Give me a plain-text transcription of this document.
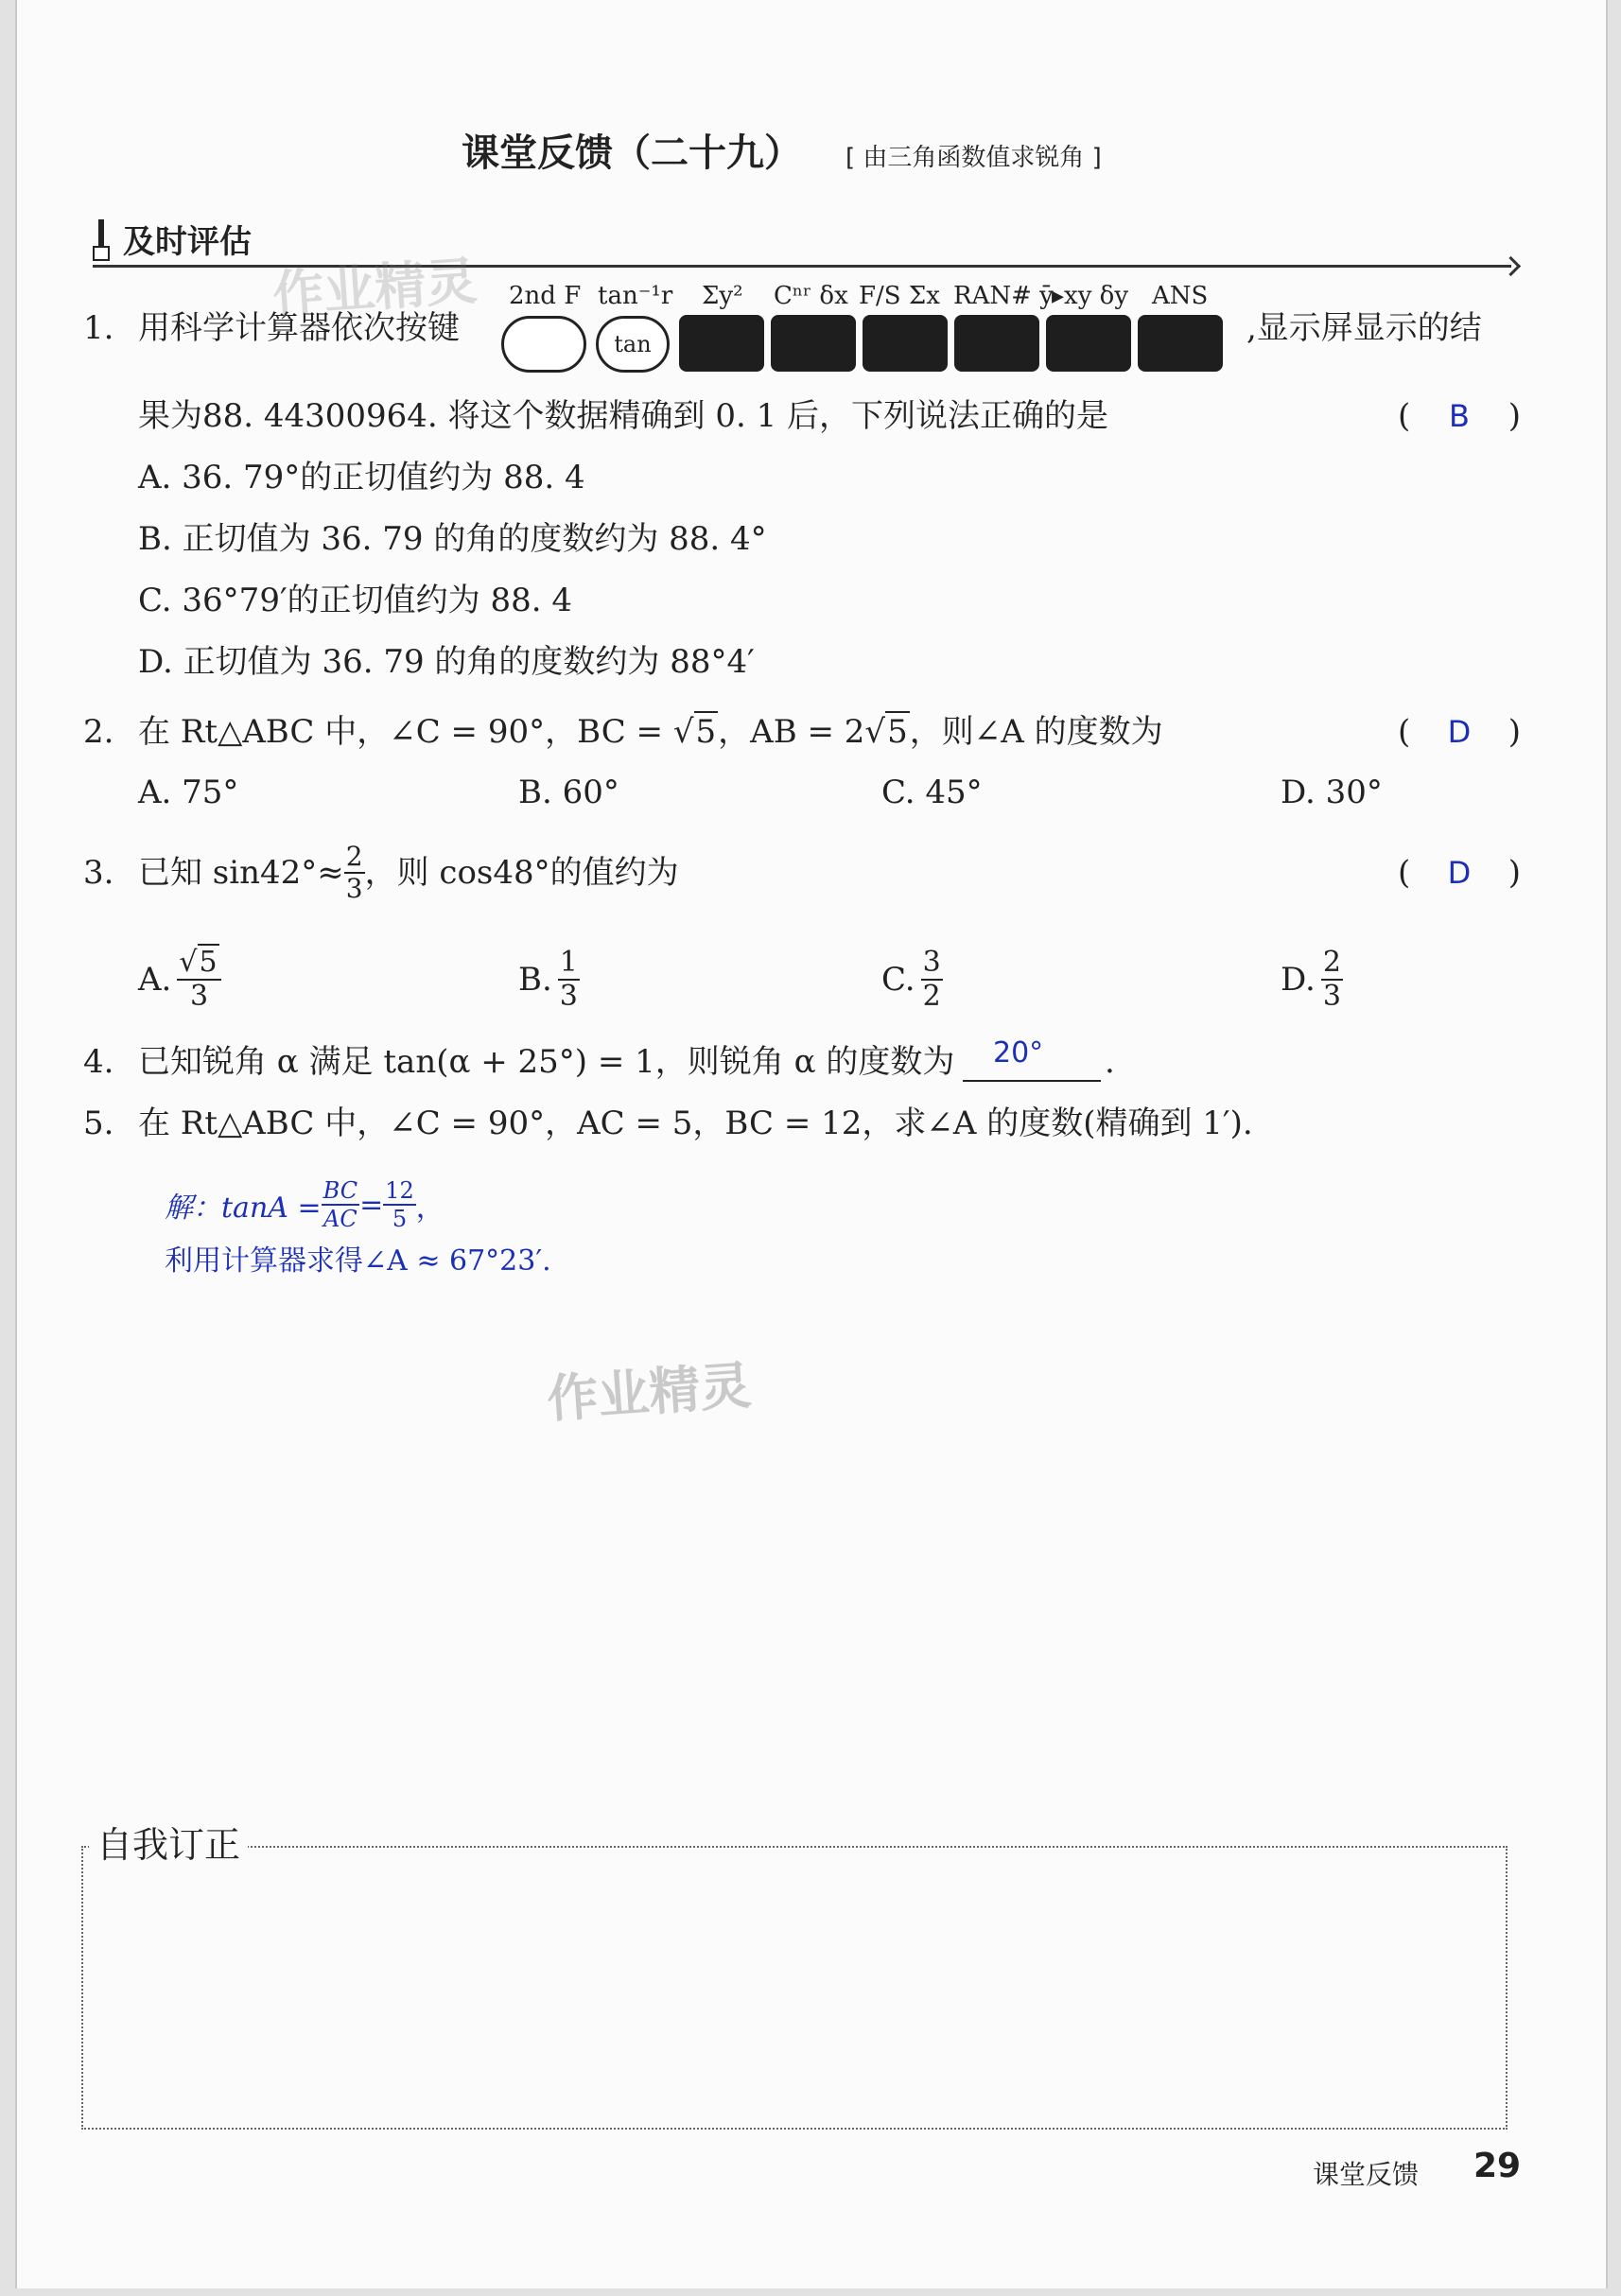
课堂反馈（二十九） [ 由三角函数值求锐角 ]
及时评估
1. 用科学计算器依次按键
2nd F tan⁻¹r Σy² Cⁿʳ δx F/S Σx RAN# ȳ
▸xy δy ANS
tan	,显示屏显示的结
果为88. 44300964. 将这个数据精确到 0. 1 后，下列说法正确的是	( B )
A. 36. 79°的正切值约为 88. 4
B. 正切值为 36. 79 的角的度数约为 88. 4°
C. 36°79′的正切值约为 88. 4
D. 正切值为 36. 79 的角的度数约为 88°4′
2. 在 Rt△ABC 中，∠C = 90°，BC = √5，AB = 2√5，则∠A 的度数为	( D )
A. 75°	B. 60°	C. 45°	D. 30°
3. 已知 $\sin 42^\circ\approx \frac{2}{3}$ ，则 cos48°的值约为	( D )
A. $\frac{√5}{3}$	B. $\frac{1}{3}$	C. $\frac{3}{2}$	D. $\frac{2}{3}$
4. 已知锐角 α 满足 tan(α + 25°) = 1，则锐角 α 的度数为 20° .
5. 在 Rt△ABC 中，∠C = 90°，AC = 5，BC = 12，求∠A 的度数(精确到 1′).
解：$\tan A = \frac{BC}{AC} = \frac{12}{5}$ ，
利用计算器求得∠A ≈ 67°23′.
作业精灵
作业精灵
自我订正
课堂反馈 29
